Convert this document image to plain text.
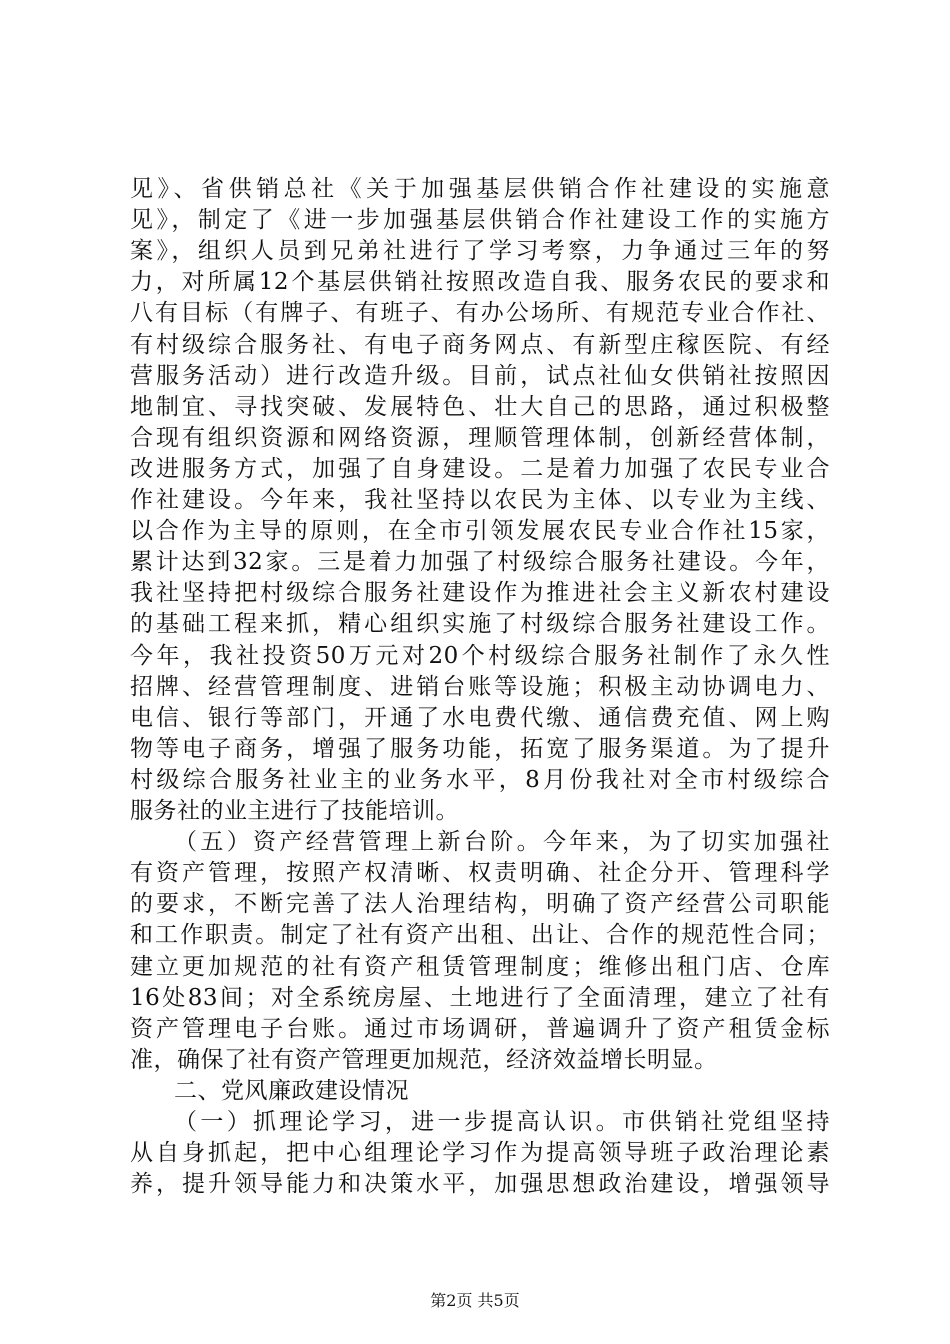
见》、省供销总社《关于加强基层供销合作社建设的实施意
见》，制定了《进一步加强基层供销合作社建设工作的实施方
案》，组织人员到兄弟社进行了学习考察，力争通过三年的努
力，对所属12个基层供销社按照改造自我、服务农民的要求和
八有目标（有牌子、有班子、有办公场所、有规范专业合作社、
有村级综合服务社、有电子商务网点、有新型庄稼医院、有经
营服务活动）进行改造升级。目前，试点社仙女供销社按照因
地制宜、寻找突破、发展特色、壮大自己的思路，通过积极整
合现有组织资源和网络资源，理顺管理体制，创新经营体制，
改进服务方式，加强了自身建设。二是着力加强了农民专业合
作社建设。今年来，我社坚持以农民为主体、以专业为主线、
以合作为主导的原则，在全市引领发展农民专业合作社15家，
累计达到32家。三是着力加强了村级综合服务社建设。今年，
我社坚持把村级综合服务社建设作为推进社会主义新农村建设
的基础工程来抓，精心组织实施了村级综合服务社建设工作。
今年，我社投资50万元对20个村级综合服务社制作了永久性
招牌、经营管理制度、进销台账等设施；积极主动协调电力、
电信、银行等部门，开通了水电费代缴、通信费充值、网上购
物等电子商务，增强了服务功能，拓宽了服务渠道。为了提升
村级综合服务社业主的业务水平，8月份我社对全市村级综合
服务社的业主进行了技能培训。
（五）资产经营管理上新台阶。今年来，为了切实加强社
有资产管理，按照产权清晰、权责明确、社企分开、管理科学
的要求，不断完善了法人治理结构，明确了资产经营公司职能
和工作职责。制定了社有资产出租、出让、合作的规范性合同；
建立更加规范的社有资产租赁管理制度；维修出租门店、仓库
16处83间；对全系统房屋、土地进行了全面清理，建立了社有
资产管理电子台账。通过市场调研，普遍调升了资产租赁金标
准，确保了社有资产管理更加规范，经济效益增长明显。
二、党风廉政建设情况
（一）抓理论学习，进一步提高认识。市供销社党组坚持
从自身抓起，把中心组理论学习作为提高领导班子政治理论素
养，提升领导能力和决策水平，加强思想政治建设，增强领导
第2页 共5页
